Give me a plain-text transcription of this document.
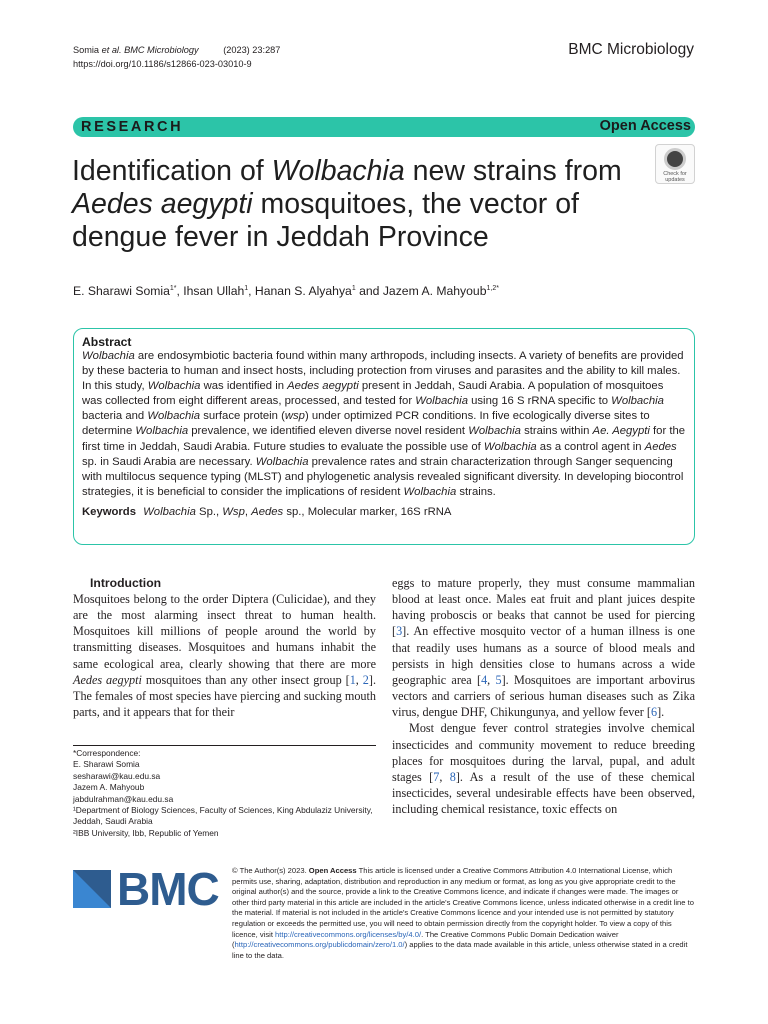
Somia et al. BMC Microbiology	(2023) 23:287
https://doi.org/10.1186/s12866-023-03010-9
BMC Microbiology
RESEARCH	Open Access
Identification of Wolbachia new strains from Aedes aegypti mosquitoes, the vector of dengue fever in Jeddah Province
Check for updates
E. Sharawi Somia$^{1*}$, Ihsan Ullah$^1$, Hanan S. Alyahya$^1$ and Jazem A. Mahyoub$^{1,2*}$
Abstract
Wolbachia are endosymbiotic bacteria found within many arthropods, including insects. A variety of benefits are provided by these bacteria to human and insect hosts, including protection from viruses and parasites and the ability to kill males. In this study, Wolbachia was identified in Aedes aegypti present in Jeddah, Saudi Arabia. A population of mosquitoes was collected from eight different areas, processed, and tested for Wolbachia using 16 S rRNA specific to Wolbachia bacteria and Wolbachia surface protein (wsp) under optimized PCR conditions. In five ecologically diverse sites to determine Wolbachia prevalence, we identified eleven diverse novel resident Wolbachia strains within Ae. Aegypti for the first time in Jeddah, Saudi Arabia. Future studies to evaluate the possible use of Wolbachia as a control agent in Aedes sp. in Saudi Arabia are necessary. Wolbachia prevalence rates and strain characterization through Sanger sequencing with multilocus sequence typing (MLST) and phylogenetic analysis revealed significant diversity. In developing biocontrol strategies, it is beneficial to consider the implications of resident Wolbachia strains.
Keywords Wolbachia Sp., Wsp, Aedes sp., Molecular marker, 16S rRNA
Introduction

Mosquitoes belong to the order Diptera (Culicidae), and they are the most alarming insect threat to human health. Mosquitoes kill millions of people around the world by transmitting diseases. Mosquitoes and humans inhabit the same ecological area, clearly showing that there are more Aedes aegypti mosquitoes than any other insect group [1, 2]. The females of most species have piercing and sucking mouth parts, and it appears that for their

eggs to mature properly, they must consume mammalian blood at least once. Males eat fruit and plant juices despite having proboscis or beaks that cannot be used for piercing [3]. An effective mosquito vector of a human illness is one that readily uses humans as a source of blood meals and persists in high densities close to humans across a wide geographic area [4, 5]. Mosquitoes are important arbovirus vectors and carriers of serious human diseases such as Zika virus, dengue DHF, Chikungunya, and yellow fever [6].

Most dengue fever control strategies involve chemical insecticides and community movement to reduce breeding places for mosquitoes during the larval, pupal, and adult stages [7, 8]. As a result of the use of these chemical insecticides, several undesirable effects have been observed, including chemical resistance, toxic effects on

*Correspondence:
E. Sharawi Somia
sesharawi@kau.edu.sa
Jazem A. Mahyoub
jabdulrahman@kau.edu.sa
¹Department of Biology Sciences, Faculty of Sciences, King Abdulaziz University, Jeddah, Saudi Arabia
²IBB University, Ibb, Republic of Yemen
BMC © The Author(s) 2023. Open Access This article is licensed under a Creative Commons Attribution 4.0 International License, which permits use, sharing, adaptation, distribution and reproduction in any medium or format, as long as you give appropriate credit to the original author(s) and the source, provide a link to the Creative Commons licence, and indicate if changes were made. The images or other third party material in this article are included in the article's Creative Commons licence, unless indicated otherwise in a credit line to the material. If material is not included in the article's Creative Commons licence and your intended use is not permitted by statutory regulation or exceeds the permitted use, you will need to obtain permission directly from the copyright holder. To view a copy of this licence, visit http://creativecommons.org/licenses/by/4.0/. The Creative Commons Public Domain Dedication waiver (http://creativecommons.org/publicdomain/zero/1.0/) applies to the data made available in this article, unless otherwise stated in a credit line to the data.
